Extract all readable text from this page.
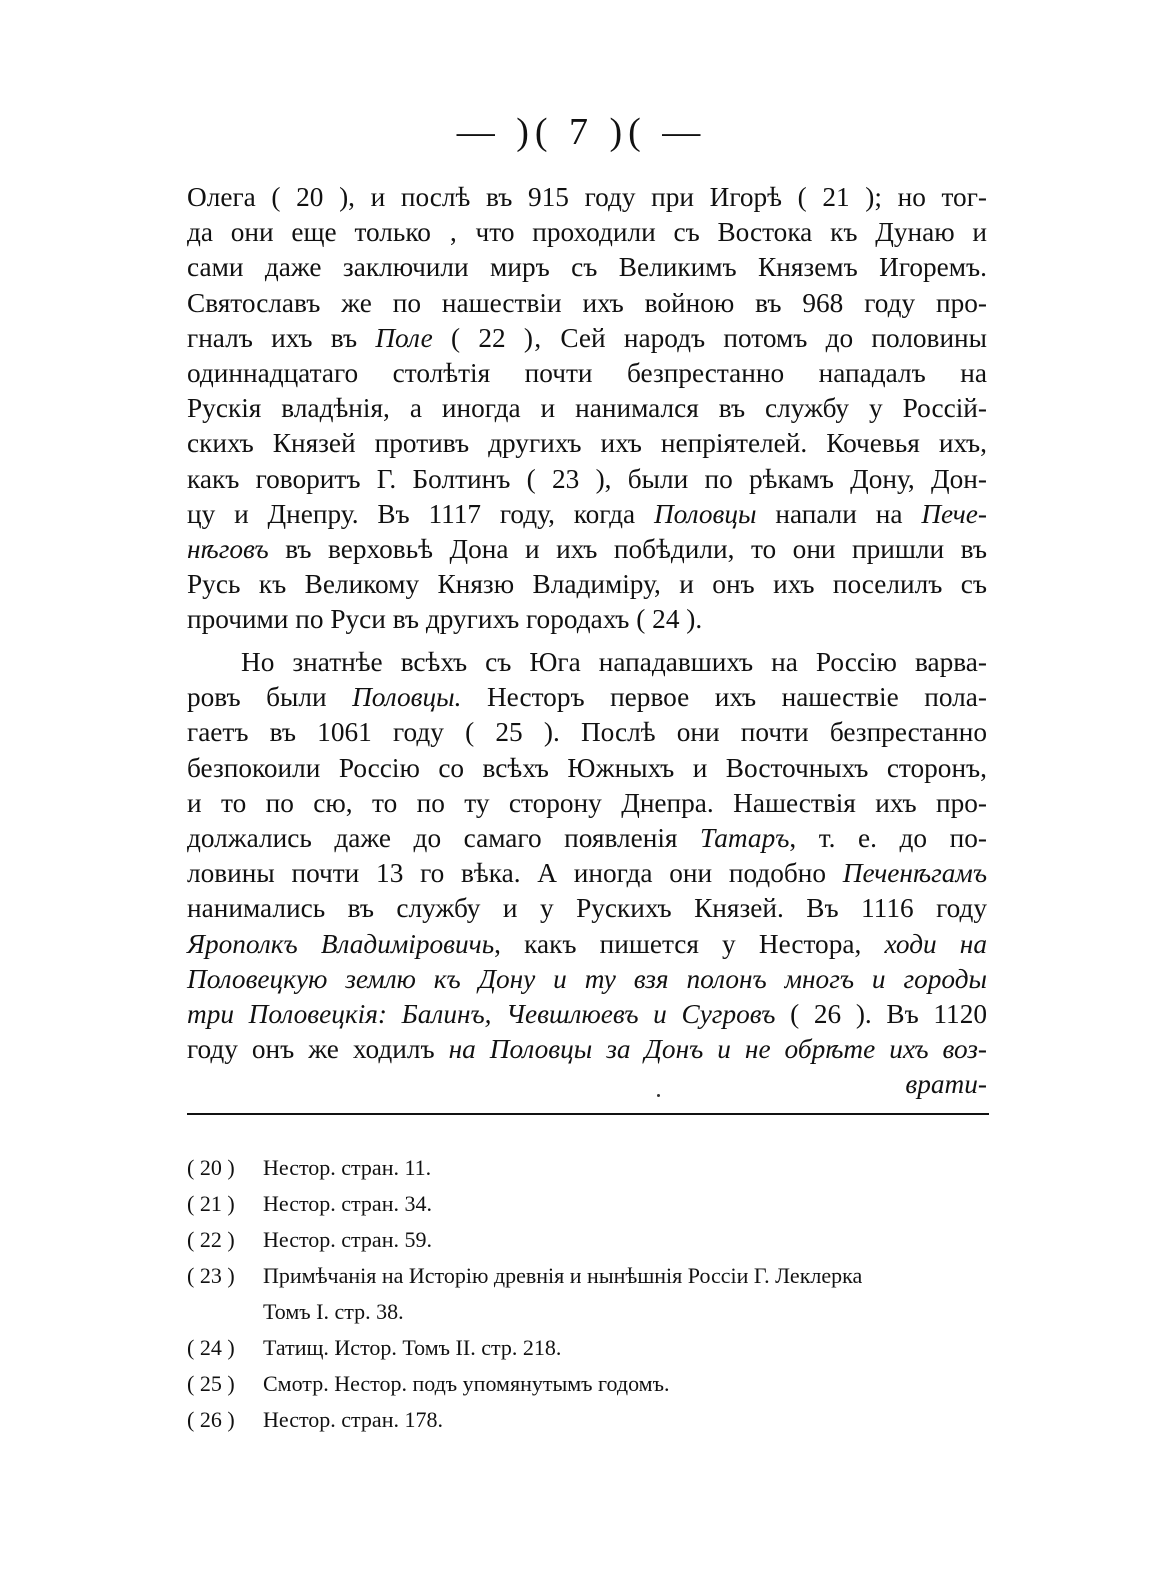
— )( 7 )( —
Олега ( 20 ), и послѣ въ 915 году при Игорѣ ( 21 ); но тог-
да они еще только ‚ что проходили съ Востока къ Дунаю и
сами даже заключили миръ съ Великимъ Княземъ Игоремъ.
Святославъ же по нашествіи ихъ войною въ 968 году про-
гналъ ихъ въ Поле ( 22 )‚ Сей народъ потомъ до половины
одиннадцатаго столѣтія почти безпрестанно нападалъ на
Рускія владѣнія, а иногда и нанимался въ службу у Россій-
скихъ Князей противъ другихъ ихъ непріятелей. Кочевья ихъ,
какъ говоритъ Г. Болтинъ ( 23 ), были по рѣкамъ Дону, Дон-
цу и Днепру. Въ 1117 году, когда Половцы напали на Пече-
нѣговъ въ верховьѣ Дона и ихъ побѣдили, то они пришли въ
Русь къ Великому Князю Владиміру, и онъ ихъ поселилъ съ
прочими по Руси въ другихъ городахъ ( 24 ).
Но знатнѣе всѣхъ съ Юга нападавшихъ на Россію варва-
ровъ были Половцы. Несторъ первое ихъ нашествіе пола-
гаетъ въ 1061 году ( 25 ). Послѣ они почти безпрестанно
безпокоили Россію со всѣхъ Южныхъ и Восточныхъ сторонъ,
и то по сю, то по ту сторону Днепра. Нашествія ихъ про-
должались даже до самаго появленія Татаръ, т. е. до по-
ловины почти 13 го вѣка. А иногда они подобно Печенѣгамъ
нанимались въ службу и у Рускихъ Князей. Въ 1116 году
Ярополкъ Владиміровичь, какъ пишется у Нестора, ходи на
Половецкую землю къ Дону и ту взя полонъ многъ и городы
три Половецкія: Балинъ, Чевшлюевъ и Сугровъ ( 26 ). Въ 1120
году онъ же ходилъ на Половцы за Донъ и не обрѣте ихъ воз-
врати-
( 20 )	Нестор. стран. 11.
( 21 )	Нестор. стран. 34.
( 22 )	Нестор. стран. 59.
( 23 )	Примѣчанія на Исторію древнія и нынѣшнія Россіи Г. Леклерка
Томъ I. стр. 38.
( 24 )	Татищ. Истор. Томъ II. стр. 218.
( 25 )	Смотр. Нестор. подъ упомянутымъ годомъ.
( 26 )	Нестор. стран. 178.
